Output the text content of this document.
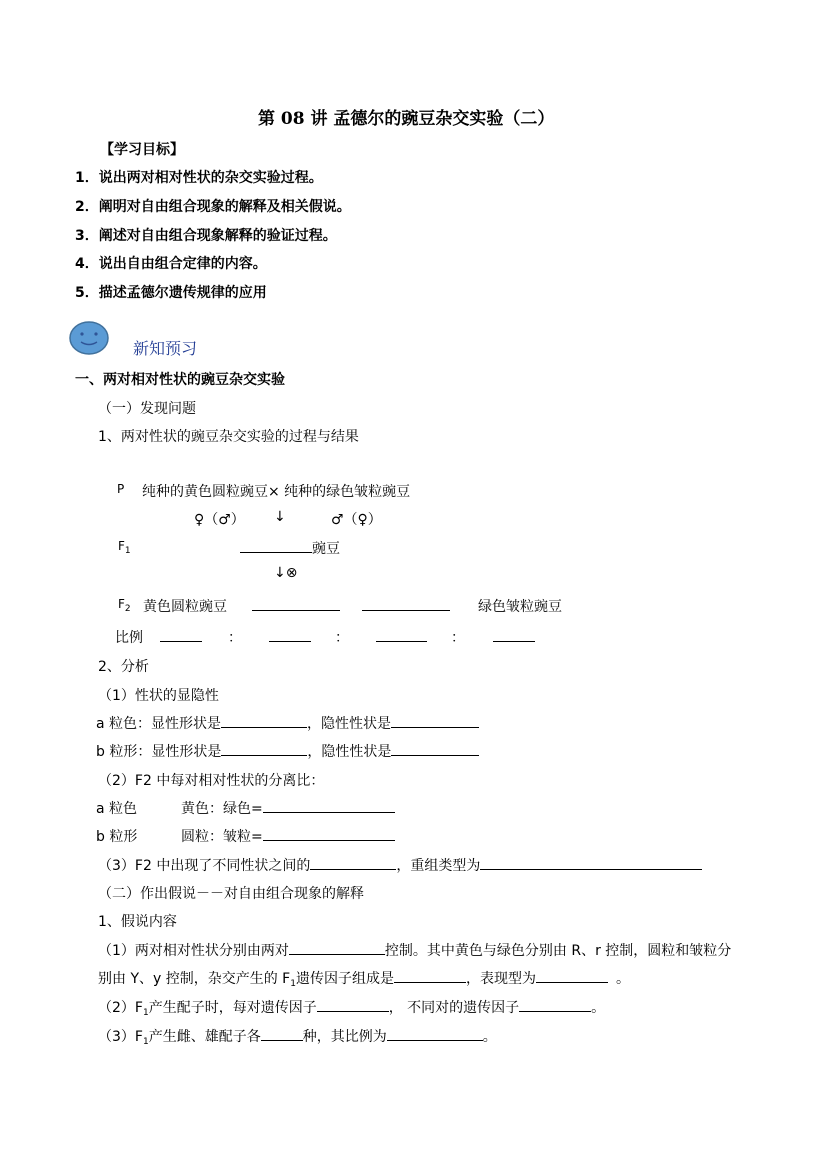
第 08 讲 孟德尔的豌豆杂交实验（二）
【学习目标】
1．说出两对相对性状的杂交实验过程。
2．阐明对自由组合现象的解释及相关假说。
3．阐述对自由组合现象解释的验证过程。
4．说出自由组合定律的内容。
5．描述孟德尔遗传规律的应用
新知预习
一、两对相对性状的豌豆杂交实验
（一）发现问题
1、两对性状的豌豆杂交实验的过程与结果
P 纯种的黄色圆粒豌豆× 纯种的绿色皱粒豌豆
♀（♂） ↓	♂（♀）
$F_1$	豌豆
↓⊗
$F_2$ 黄色圆粒豌豆	绿色皱粒豌豆
比例	：	：	：
2、分析
（1）性状的显隐性
a 粒色：显性形状是	，隐性性状是
b 粒形：显性形状是	，隐性性状是
（2）F2 中每对相对性状的分离比：
a 粒色	黄色：绿色=
b 粒形	圆粒：皱粒=
（3）F2 中出现了不同性状之间的	，重组类型为
（二）作出假说－－对自由组合现象的解释
1、假说内容
（1）两对相对性状分别由两对	控制。其中黄色与绿色分别由 R、r 控制，圆粒和皱粒分
别由 Y、y 控制，杂交产生的 $F_1$遗传因子组成是	，表现型为	。
$(2)F_1$产生配子时，每对遗传因子	， 不同对的遗传因子	。
$(3)F_1$产生雌、雄配子各	种，其比例为	。
